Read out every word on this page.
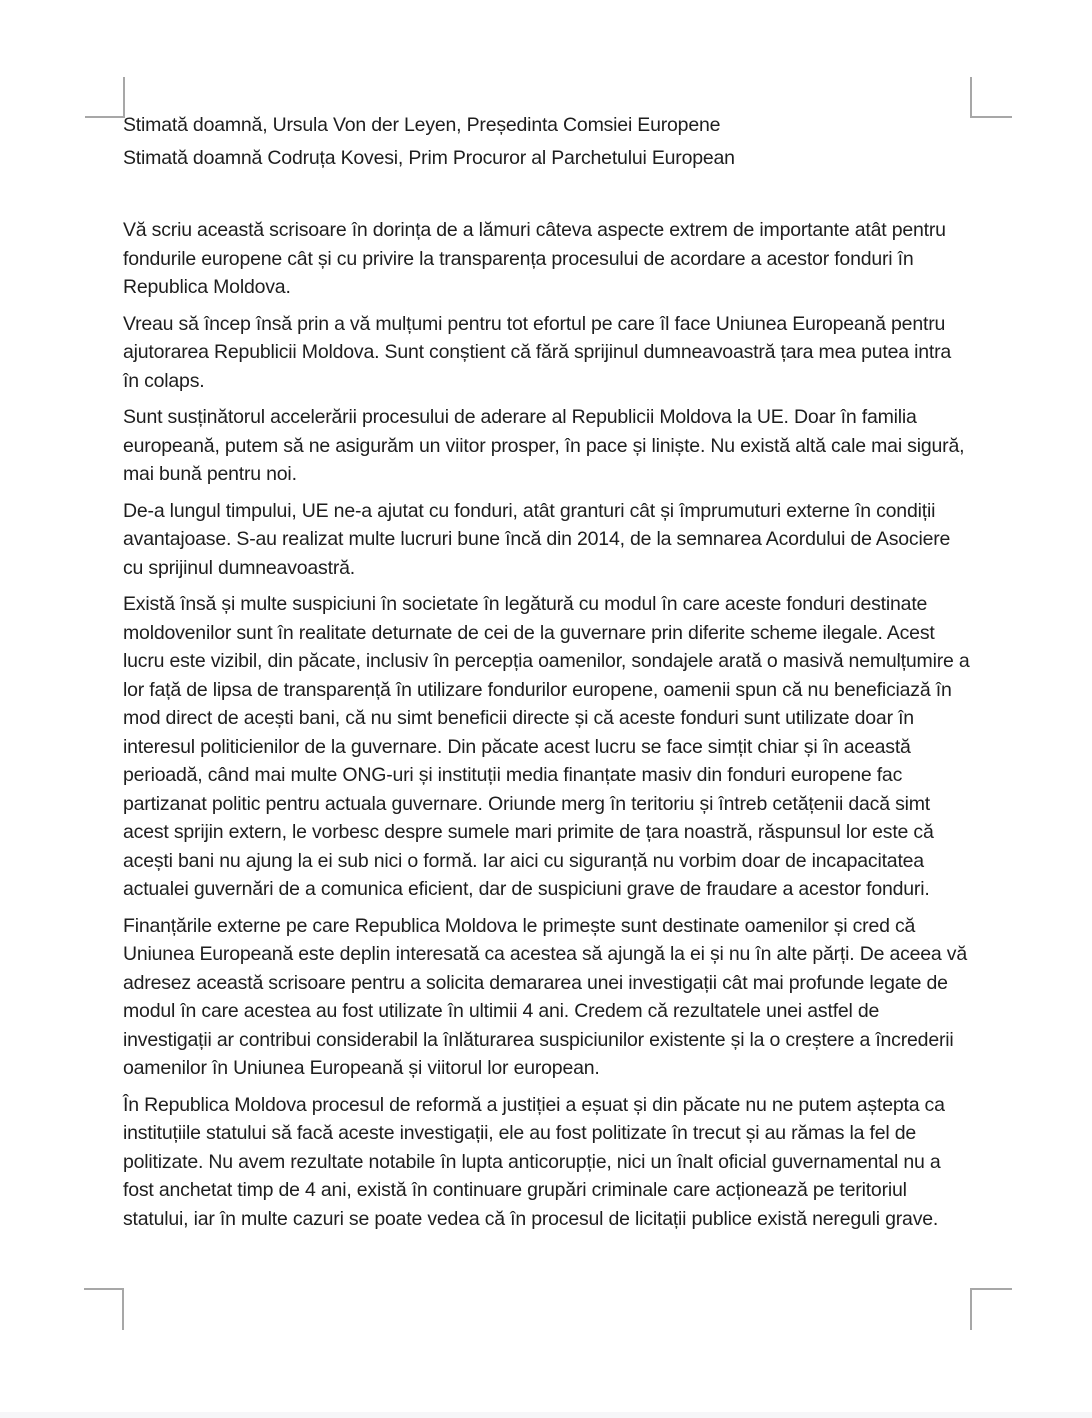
Stimată doamnă, Ursula Von der Leyen, Președinta Comsiei Europene

Stimată doamnă Codruța Kovesi, Prim Procuror al Parchetului European

Vă scriu această scrisoare în dorința de a lămuri câteva aspecte extrem de importante atât pentru fondurile europene cât și cu privire la transparența procesului de acordare a acestor fonduri în Republica Moldova.

Vreau să încep însă prin a vă mulțumi pentru tot efortul pe care îl face Uniunea Europeană pentru ajutorarea Republicii Moldova. Sunt conștient că fără sprijinul dumneavoastră țara mea putea intra în colaps.

Sunt susținătorul accelerării procesului de aderare al Republicii Moldova la UE. Doar în familia europeană, putem să ne asigurăm un viitor prosper, în pace și liniște. Nu există altă cale mai sigură, mai bună pentru noi.

De-a lungul timpului, UE ne-a ajutat cu fonduri, atât granturi cât și împrumuturi externe în condiții avantajoase. S-au realizat multe lucruri bune încă din 2014, de la semnarea Acordului de Asociere cu sprijinul dumneavoastră.

Există însă și multe suspiciuni în societate în legătură cu modul în care aceste fonduri destinate moldovenilor sunt în realitate deturnate de cei de la guvernare prin diferite scheme ilegale. Acest lucru este vizibil, din păcate, inclusiv în percepția oamenilor, sondajele arată o masivă nemulțumire a lor față de lipsa de transparență în utilizare fondurilor europene, oamenii spun că nu beneficiază în mod direct de acești bani, că nu simt beneficii directe și că aceste fonduri sunt utilizate doar în interesul politicienilor de la guvernare. Din păcate acest lucru se face simțit chiar și în această perioadă, când mai multe ONG-uri și instituții media finanțate masiv din fonduri europene fac partizanat politic pentru actuala guvernare. Oriunde merg în teritoriu și întreb cetățenii dacă simt acest sprijin extern, le vorbesc despre sumele mari primite de țara noastră, răspunsul lor este că acești bani nu ajung la ei sub nici o formă. Iar aici cu siguranță nu vorbim doar de incapacitatea actualei guvernări de a comunica eficient, dar de suspiciuni grave de fraudare a acestor fonduri.

Finanțările externe pe care Republica Moldova le primește sunt destinate oamenilor și cred că Uniunea Europeană este deplin interesată ca acestea să ajungă la ei și nu în alte părți. De aceea vă adresez această scrisoare pentru a solicita demararea unei investigații cât mai profunde legate de modul în care acestea au fost utilizate în ultimii 4 ani. Credem că rezultatele unei astfel de investigații ar contribui considerabil la înlăturarea suspiciunilor existente și la o creștere a încrederii oamenilor în Uniunea Europeană și viitorul lor european.

În Republica Moldova procesul de reformă a justiției a eșuat și din păcate nu ne putem aștepta ca instituțiile statului să facă aceste investigații, ele au fost politizate în trecut și au rămas la fel de politizate. Nu avem rezultate notabile în lupta anticorupție, nici un înalt oficial guvernamental nu a fost anchetat timp de 4 ani, există în continuare grupări criminale care acționează pe teritoriul statului, iar în multe cazuri se poate vedea că în procesul de licitații publice există nereguli grave.
